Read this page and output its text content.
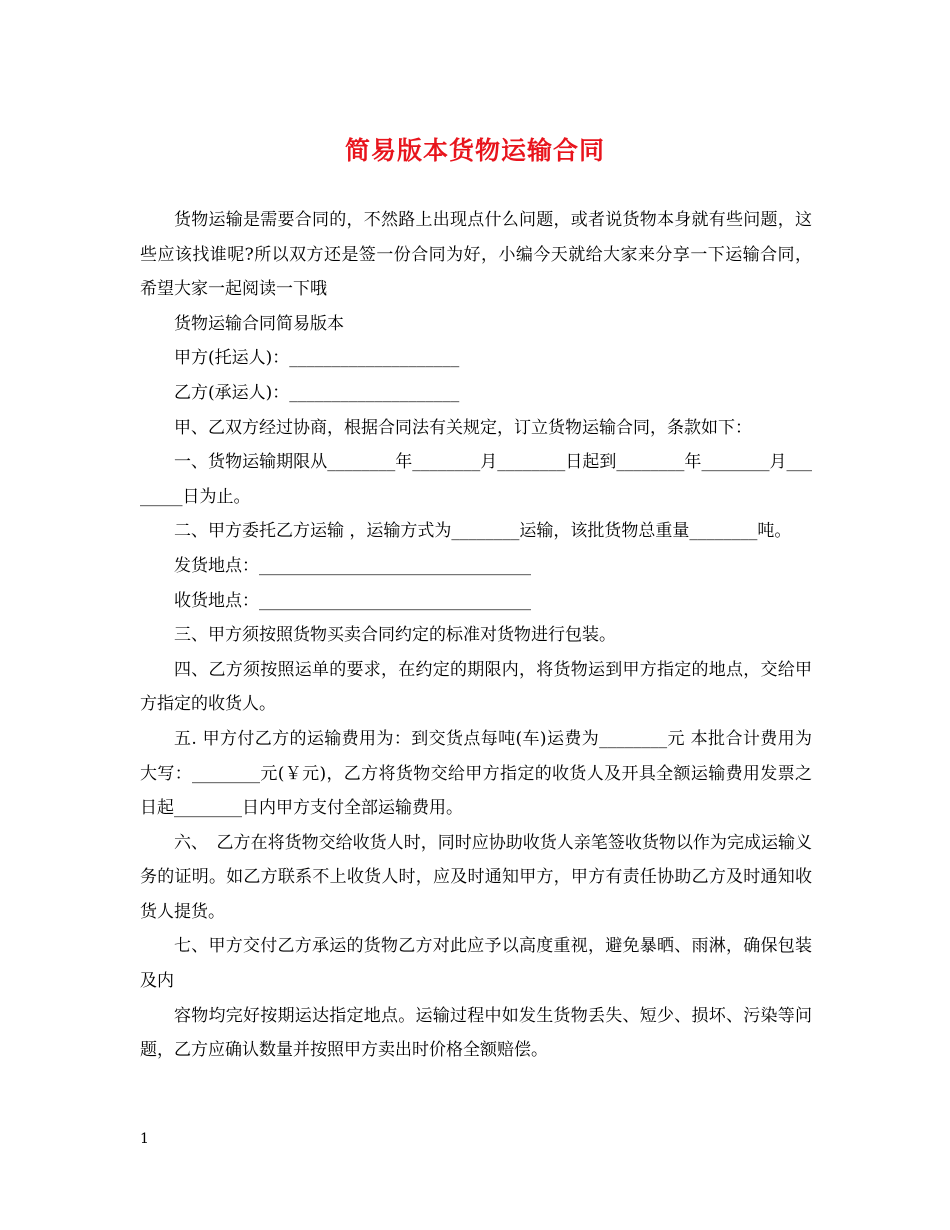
简易版本货物运输合同

货物运输是需要合同的，不然路上出现点什么问题，或者说货物本身就有些问题，这些应该找谁呢?所以双方还是签一份合同为好，小编今天就给大家来分享一下运输合同，希望大家一起阅读一下哦

货物运输合同简易版本

甲方(托运人)：____________________

乙方(承运人)：____________________

甲、乙双方经过协商，根据合同法有关规定，订立货物运输合同，条款如下：

一、货物运输期限从________年________月________日起到________年________月________日为止。

二、甲方委托乙方运输 ，运输方式为________运输，该批货物总重量________吨。

发货地点：________________________________

收货地点：________________________________

三、甲方须按照货物买卖合同约定的标准对货物进行包装。

四、乙方须按照运单的要求，在约定的期限内，将货物运到甲方指定的地点，交给甲方指定的收货人。

五. 甲方付乙方的运输费用为：到交货点每吨(车)运费为________元 本批合计费用为大写：________元(￥元)，乙方将货物交给甲方指定的收货人及开具全额运输费用发票之日起________日内甲方支付全部运输费用。

六、　乙方在将货物交给收货人时，同时应协助收货人亲笔签收货物以作为完成运输义务的证明。如乙方联系不上收货人时，应及时通知甲方，甲方有责任协助乙方及时通知收货人提货。

七、甲方交付乙方承运的货物乙方对此应予以高度重视，避免暴晒、雨淋，确保包装及内

容物均完好按期运达指定地点。运输过程中如发生货物丢失、短少、损坏、污染等问题，乙方应确认数量并按照甲方卖出时价格全额赔偿。

1
